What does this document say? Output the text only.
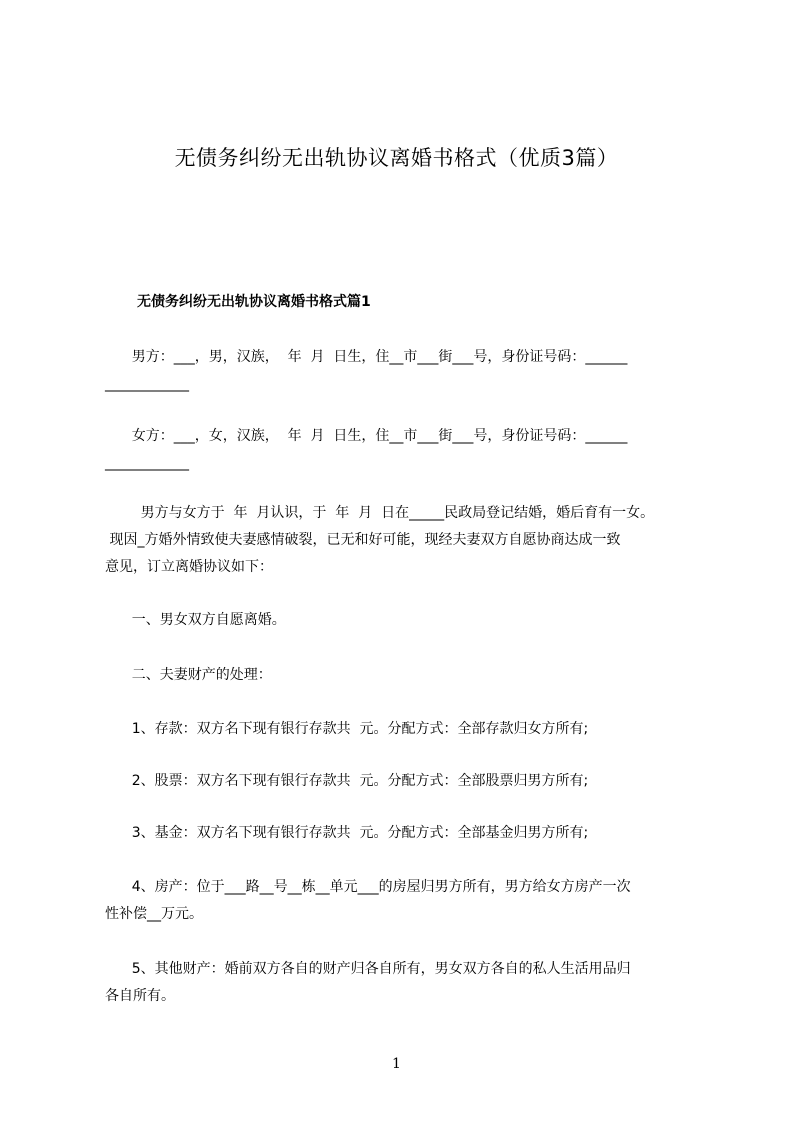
无债务纠纷无出轨协议离婚书格式（优质3篇）
无债务纠纷无出轨协议离婚书格式篇1
男方：___，男，汉族，  年  月  日生，住__市___街___号，身份证号码：______
____________
女方：___，女，汉族，  年  月  日生，住__市___街___号，身份证号码：______
____________
男方与女方于  年  月认识，于  年  月  日在_____民政局登记结婚，婚后育有一女。
现因_方婚外情致使夫妻感情破裂，已无和好可能，现经夫妻双方自愿协商达成一致
意见，订立离婚协议如下：
一、男女双方自愿离婚。
二、夫妻财产的处理：
1、存款：双方名下现有银行存款共  元。分配方式：全部存款归女方所有;
2、股票：双方名下现有银行存款共  元。分配方式：全部股票归男方所有;
3、基金：双方名下现有银行存款共  元。分配方式：全部基金归男方所有;
4、房产：位于___路__号__栋__单元___的房屋归男方所有，男方给女方房产一次
性补偿__万元。
5、其他财产：婚前双方各自的财产归各自所有，男女双方各自的私人生活用品归
各自所有。
1
